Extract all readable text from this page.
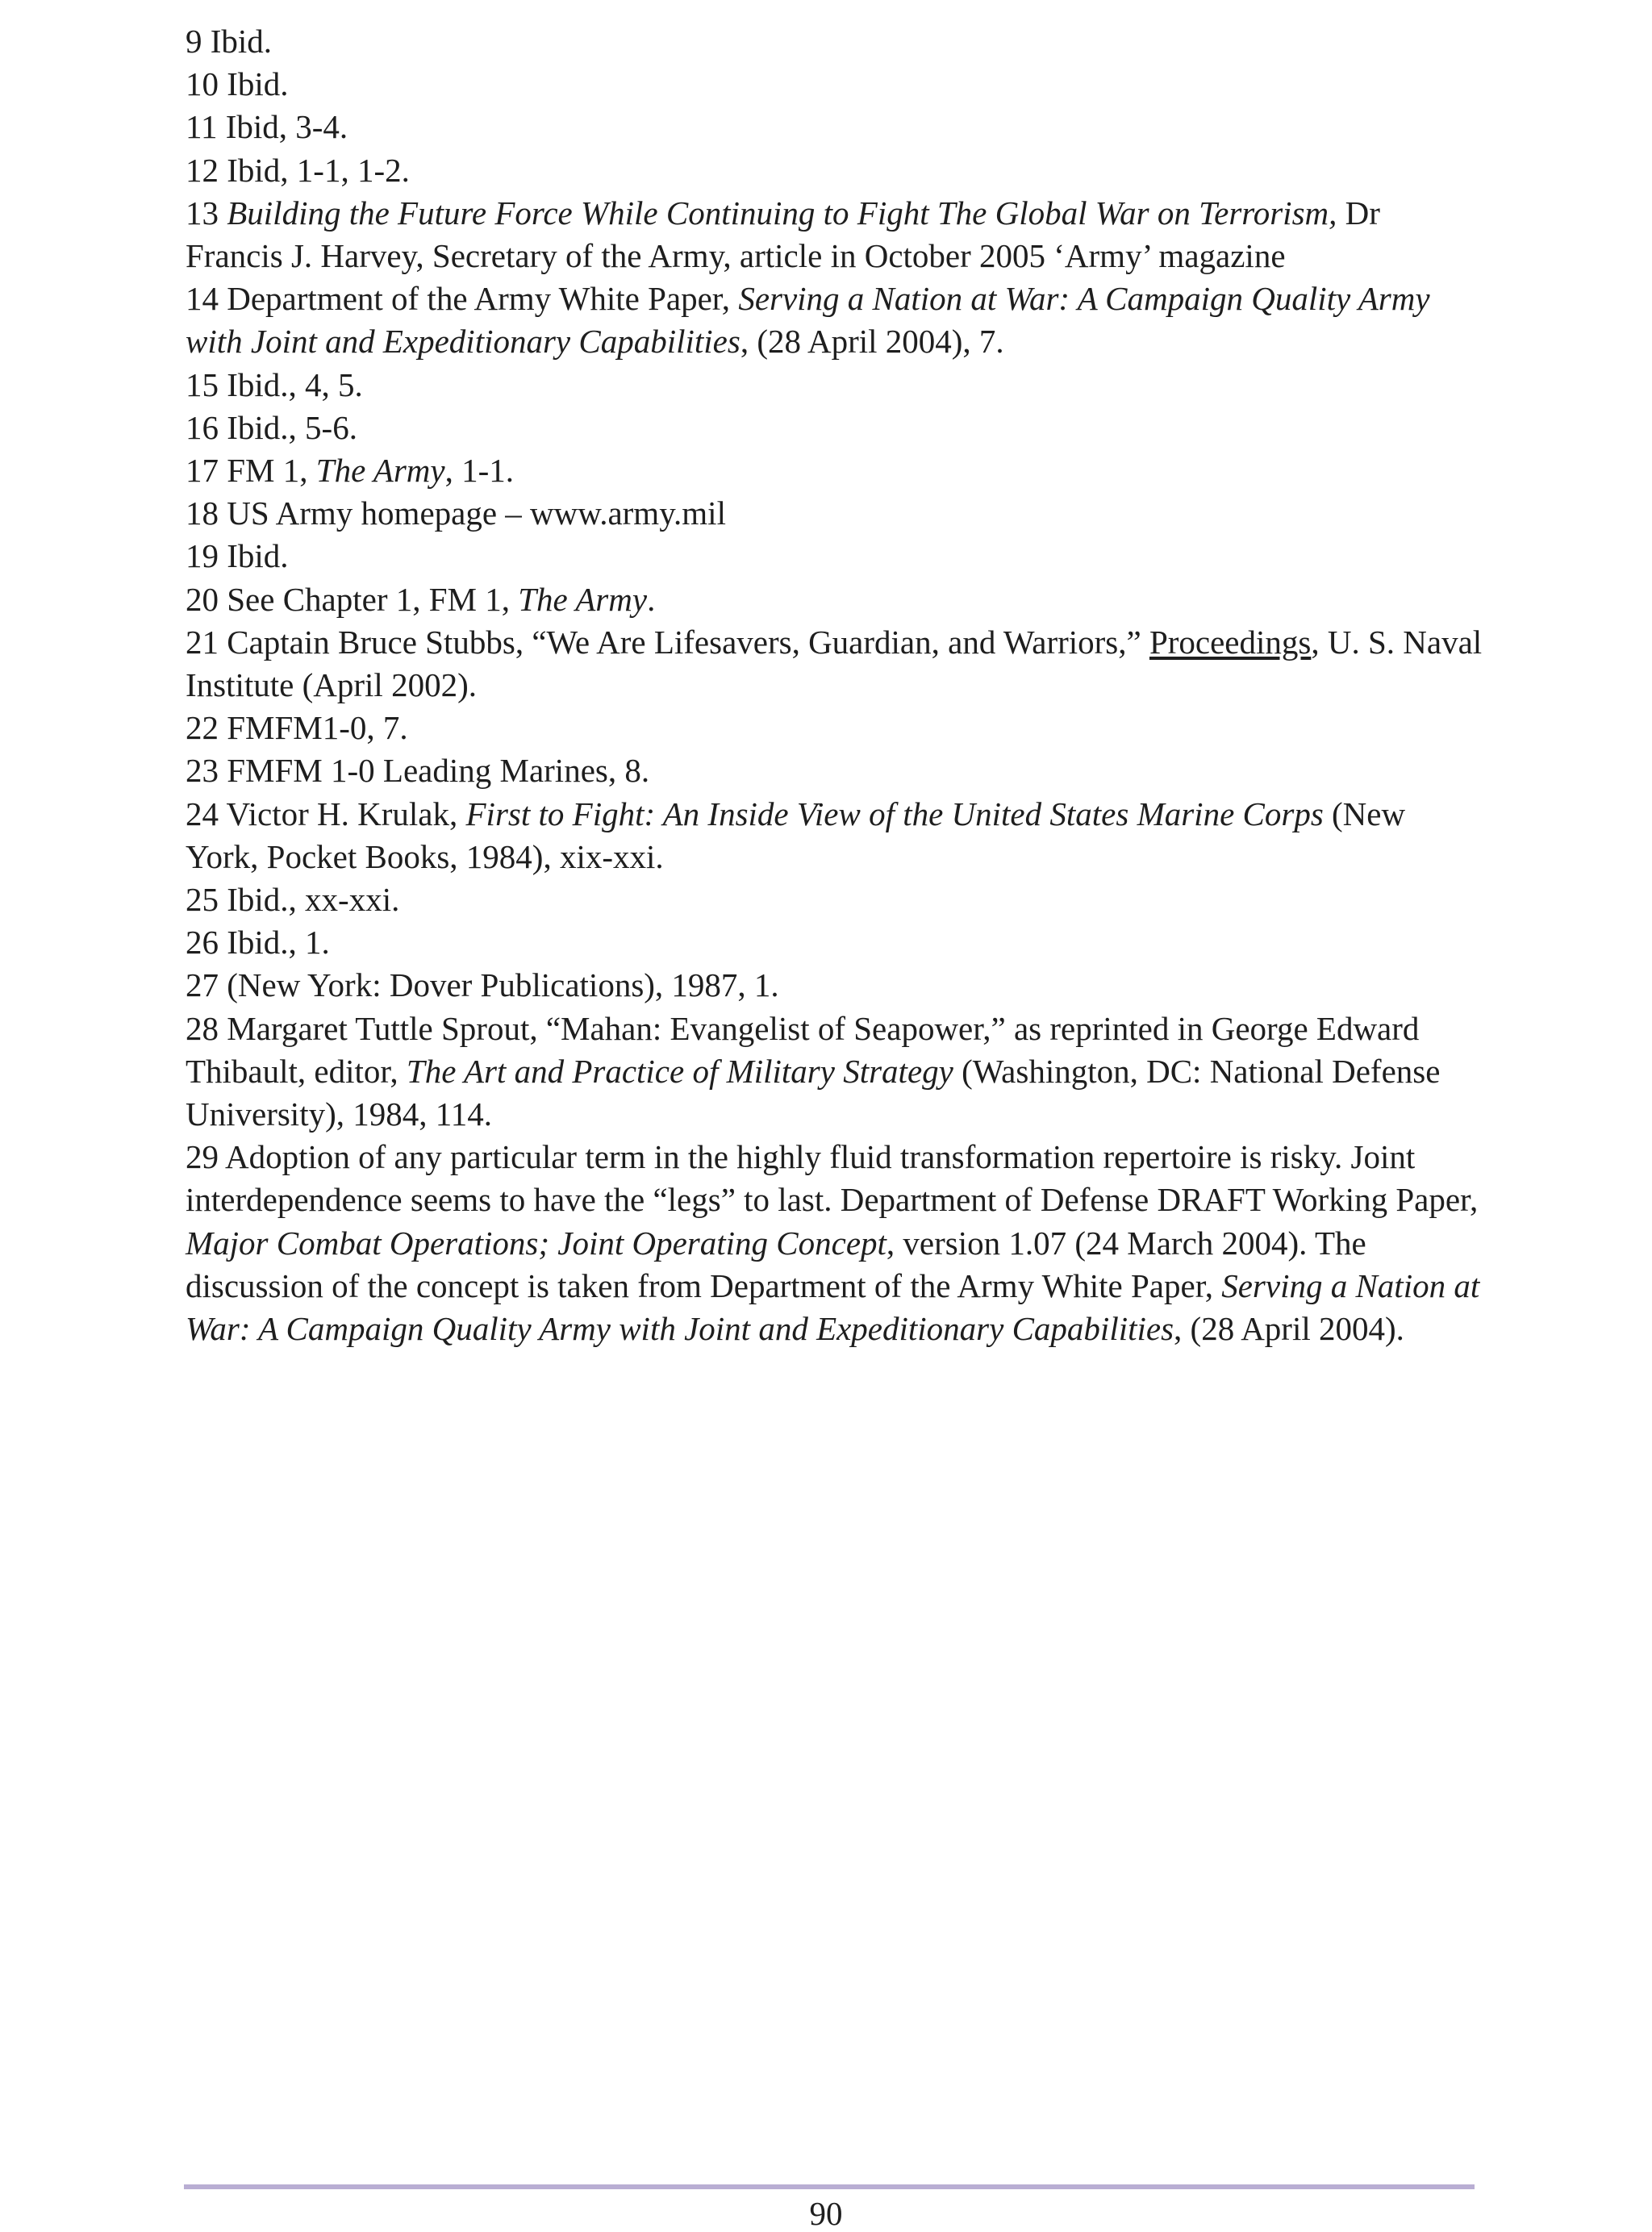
9 Ibid.

10 Ibid.

11 Ibid, 3-4.

12 Ibid, 1-1, 1-2.

13 Building the Future Force While Continuing to Fight The Global War on Terrorism, Dr Francis J. Harvey, Secretary of the Army, article in October 2005 ‘Army’ magazine

14 Department of the Army White Paper, Serving a Nation at War: A Campaign Quality Army with Joint and Expeditionary Capabilities, (28 April 2004), 7.

15 Ibid., 4, 5.

16 Ibid., 5-6.

17 FM 1, The Army, 1-1.

18 US Army homepage – www.army.mil

19 Ibid.

20 See Chapter 1, FM 1, The Army.

21 Captain Bruce Stubbs, “We Are Lifesavers, Guardian, and Warriors,” Proceedings, U. S. Naval Institute (April 2002).

22 FMFM1-0, 7.

23 FMFM 1-0 Leading Marines, 8.

24 Victor H. Krulak, First to Fight: An Inside View of the United States Marine Corps (New York, Pocket Books, 1984), xix-xxi.

25 Ibid., xx-xxi.

26 Ibid., 1.

27 (New York: Dover Publications), 1987, 1.

28 Margaret Tuttle Sprout, “Mahan: Evangelist of Seapower,” as reprinted in George Edward Thibault, editor, The Art and Practice of Military Strategy (Washington, DC: National Defense University), 1984, 114.

29 Adoption of any particular term in the highly fluid transformation repertoire is risky. Joint interdependence seems to have the “legs” to last. Department of Defense DRAFT Working Paper, Major Combat Operations; Joint Operating Concept, version 1.07 (24 March 2004). The discussion of the concept is taken from Department of the Army White Paper, Serving a Nation at War: A Campaign Quality Army with Joint and Expeditionary Capabilities, (28 April 2004).

90
